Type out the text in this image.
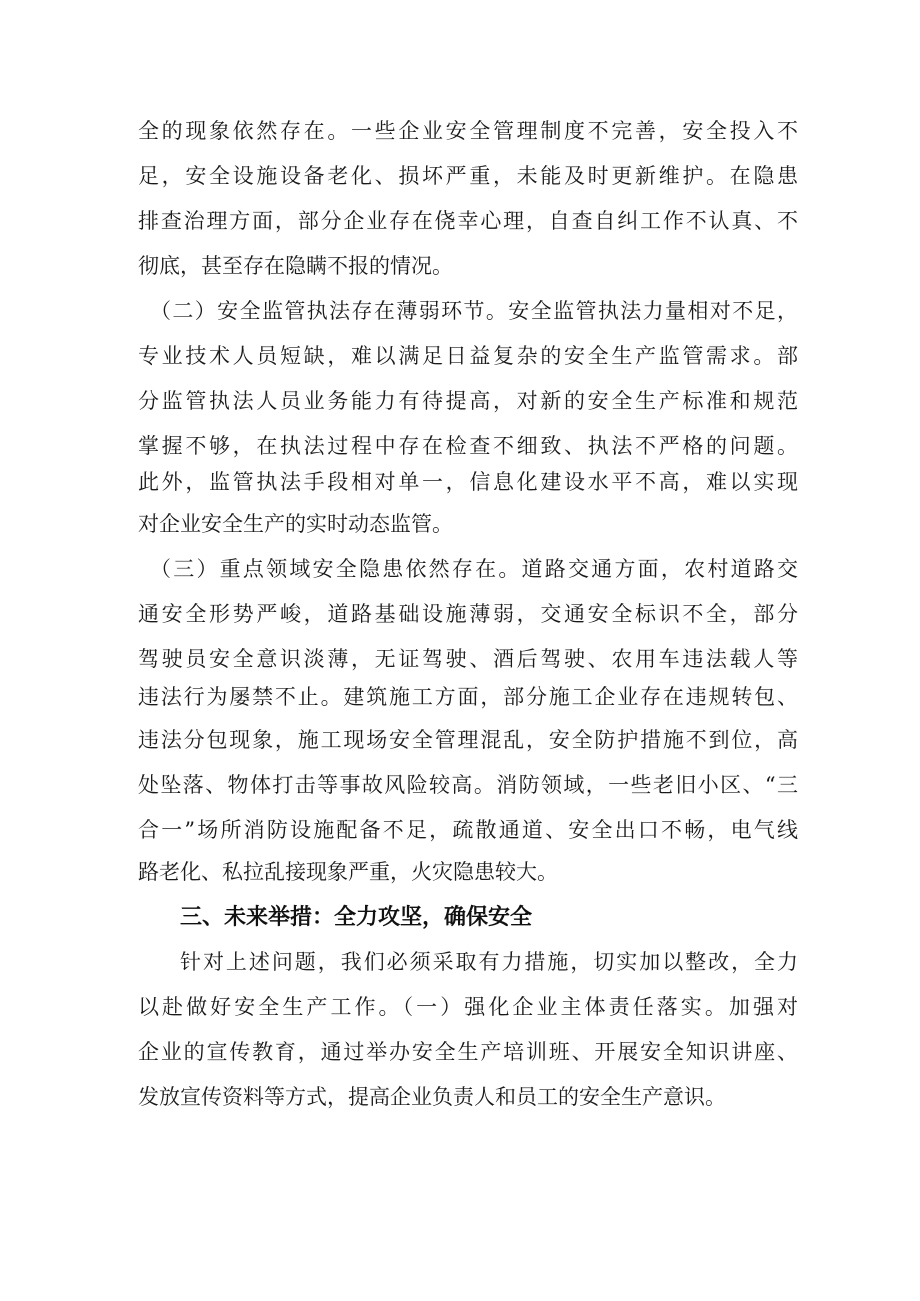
全的现象依然存在。一些企业安全管理制度不完善，安全投入不
足，安全设施设备老化、损坏严重，未能及时更新维护。在隐患
排查治理方面，部分企业存在侥幸心理，自查自纠工作不认真、不
彻底，甚至存在隐瞒不报的情况。
（二）安全监管执法存在薄弱环节。安全监管执法力量相对不足，
专业技术人员短缺，难以满足日益复杂的安全生产监管需求。部
分监管执法人员业务能力有待提高，对新的安全生产标准和规范
掌握不够，在执法过程中存在检查不细致、执法不严格的问题。
此外，监管执法手段相对单一，信息化建设水平不高，难以实现
对企业安全生产的实时动态监管。
（三）重点领域安全隐患依然存在。道路交通方面，农村道路交
通安全形势严峻，道路基础设施薄弱，交通安全标识不全，部分
驾驶员安全意识淡薄，无证驾驶、酒后驾驶、农用车违法载人等
违法行为屡禁不止。建筑施工方面，部分施工企业存在违规转包、
违法分包现象，施工现场安全管理混乱，安全防护措施不到位，高
处坠落、物体打击等事故风险较高。消防领域，一些老旧小区、“三
合一”场所消防设施配备不足，疏散通道、安全出口不畅，电气线
路老化、私拉乱接现象严重，火灾隐患较大。
三、未来举措：全力攻坚，确保安全
针对上述问题，我们必须采取有力措施，切实加以整改，全力
以赴做好安全生产工作。（一）强化企业主体责任落实。加强对
企业的宣传教育，通过举办安全生产培训班、开展安全知识讲座、
发放宣传资料等方式，提高企业负责人和员工的安全生产意识。
